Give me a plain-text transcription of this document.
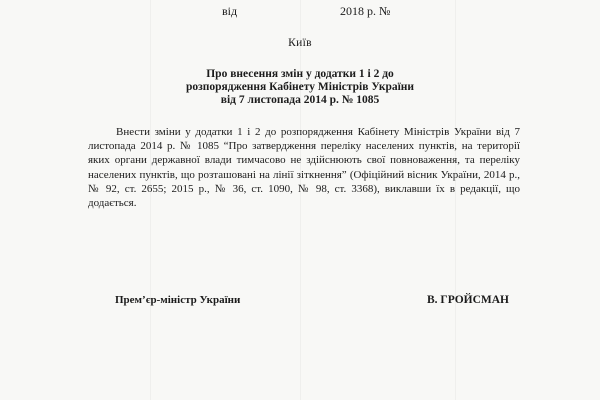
від	2018 р. №
Київ
Про внесення змін у додатки 1 і 2 до
розпорядження Кабінету Міністрів України
від 7 листопада 2014 р. № 1085
Внести зміни у додатки 1 і 2 до розпорядження Кабінету Міністрів України від 7 листопада 2014 р. № 1085 “Про затвердження переліку населених пунктів, на території яких органи державної влади тимчасово не здійснюють свої повноваження, та переліку населених пунктів, що розташовані на лінії зіткнення” (Офіційний вісник України, 2014 р., № 92, ст. 2655; 2015 р., № 36, ст. 1090, № 98, ст. 3368), виклавши їх в редакції, що додається.
Прем’єр-міністр України	В. ГРОЙСМАН
